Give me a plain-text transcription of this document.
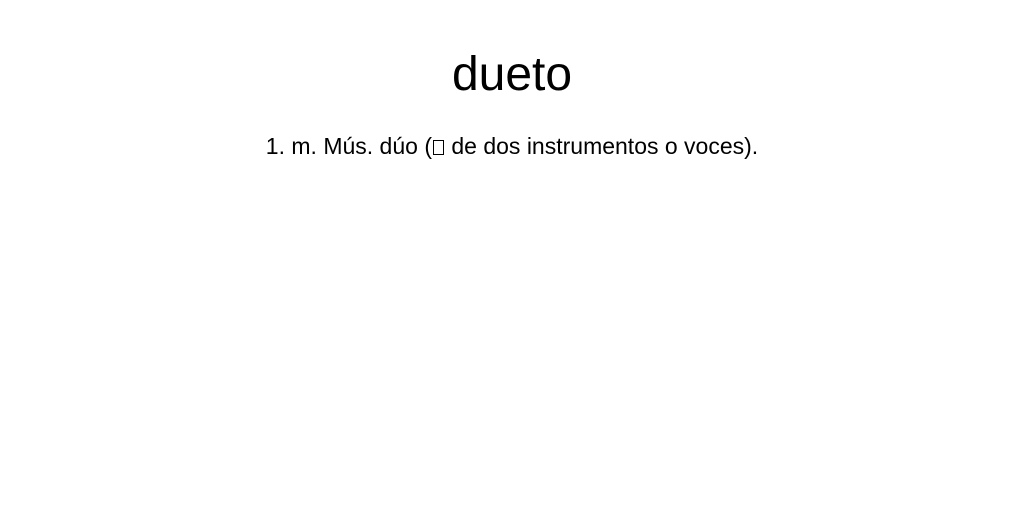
dueto

1. m. Mús. dúo ( de dos instrumentos o voces).
